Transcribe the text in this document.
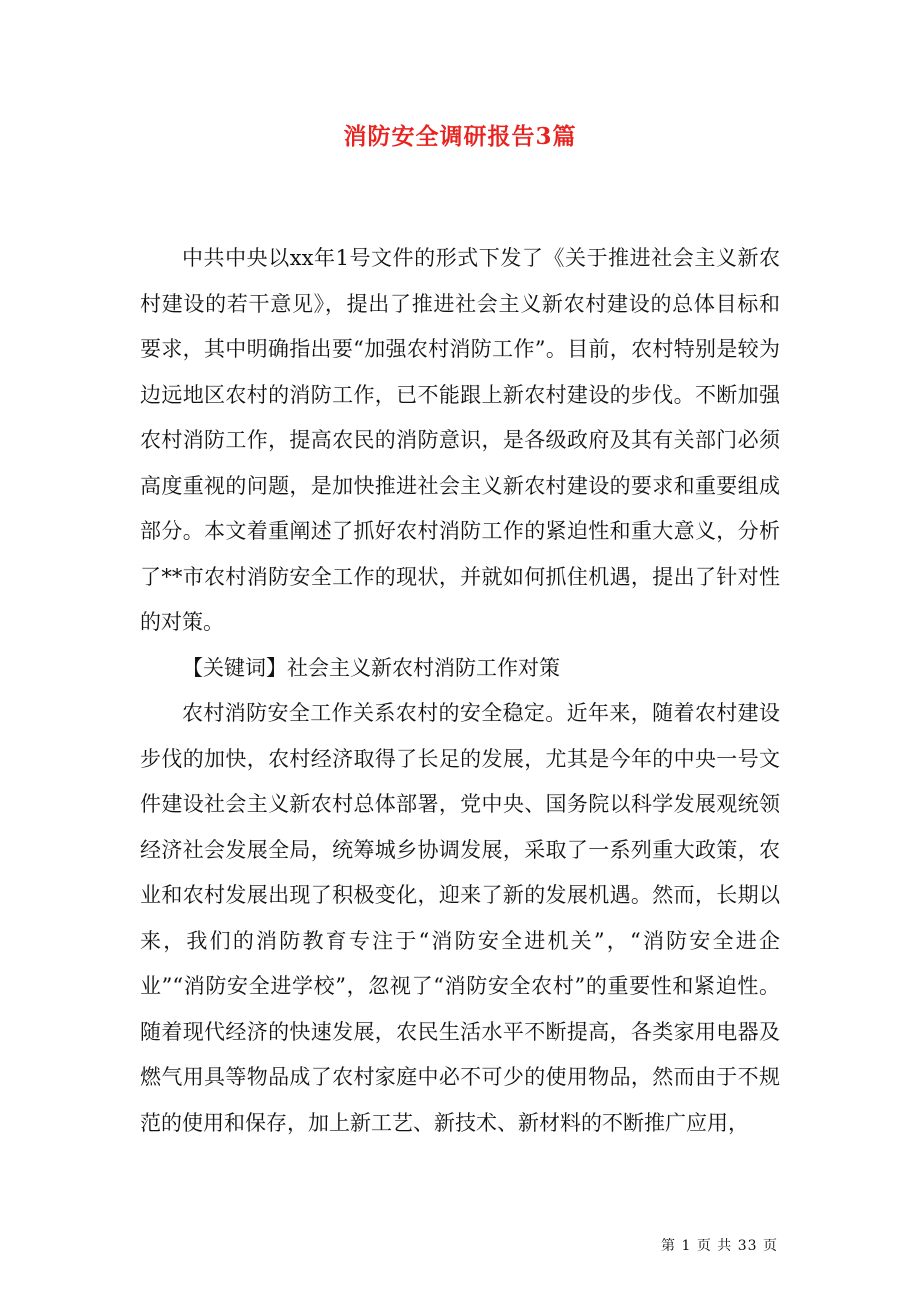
消防安全调研报告3篇

中共中央以xx年1号文件的形式下发了《关于推进社会主义新农村建设的若干意见》，提出了推进社会主义新农村建设的总体目标和要求，其中明确指出要“加强农村消防工作”。目前，农村特别是较为边远地区农村的消防工作，已不能跟上新农村建设的步伐。不断加强农村消防工作，提高农民的消防意识，是各级政府及其有关部门必须高度重视的问题，是加快推进社会主义新农村建设的要求和重要组成部分。本文着重阐述了抓好农村消防工作的紧迫性和重大意义，分析了**市农村消防安全工作的现状，并就如何抓住机遇，提出了针对性的对策。

【关键词】社会主义新农村消防工作对策

农村消防安全工作关系农村的安全稳定。近年来，随着农村建设步伐的加快，农村经济取得了长足的发展，尤其是今年的中央一号文件建设社会主义新农村总体部署，党中央、国务院以科学发展观统领经济社会发展全局，统筹城乡协调发展，采取了一系列重大政策，农业和农村发展出现了积极变化，迎来了新的发展机遇。然而，长期以来，我们的消防教育专注于“消防安全进机关”，“消防安全进企业”“消防安全进学校”，忽视了“消防安全农村”的重要性和紧迫性。随着现代经济的快速发展，农民生活水平不断提高，各类家用电器及燃气用具等物品成了农村家庭中必不可少的使用物品，然而由于不规范的使用和保存，加上新工艺、新技术、新材料的不断推广应用，

第 1 页 共 33 页
